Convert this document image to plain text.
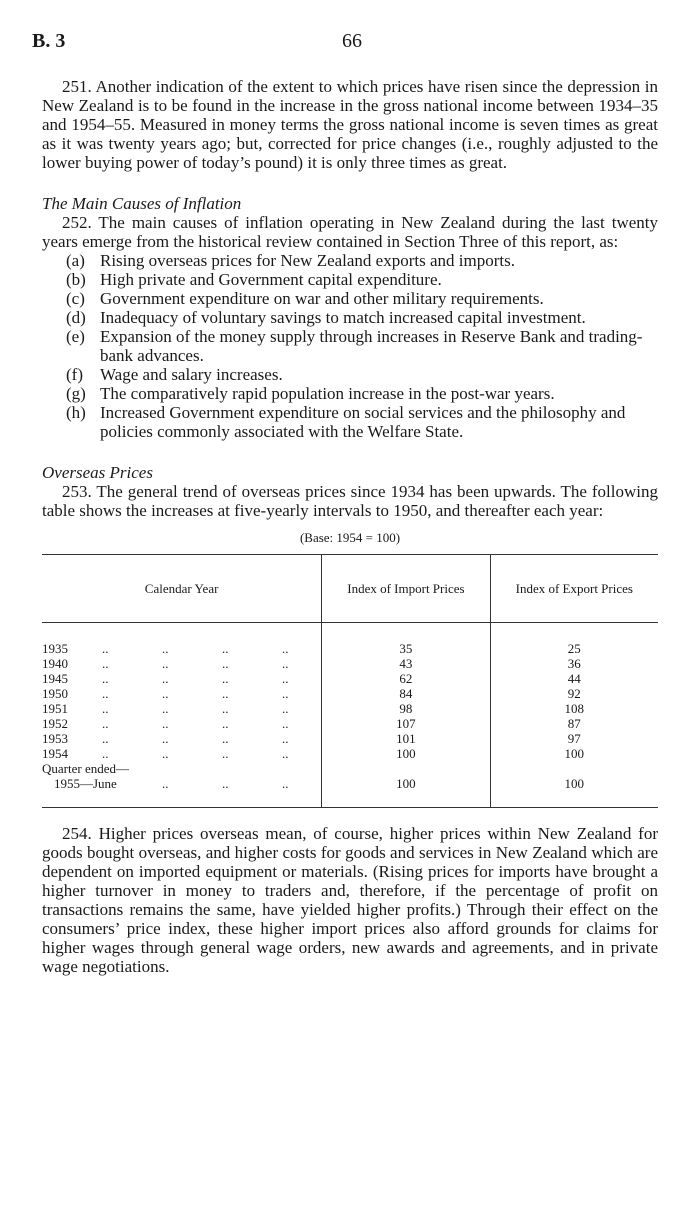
B. 3	66

251. Another indication of the extent to which prices have risen since the depression in New Zealand is to be found in the increase in the gross national income between 1934–35 and 1954–55. Measured in money terms the gross national income is seven times as great as it was twenty years ago; but, corrected for price changes (i.e., roughly adjusted to the lower buying power of today’s pound) it is only three times as great.

The Main Causes of Inflation

252. The main causes of inflation operating in New Zealand during the last twenty years emerge from the historical review contained in Section Three of this report, as:

(a) Rising overseas prices for New Zealand exports and imports.
(b) High private and Government capital expenditure.
(c) Government expenditure on war and other military requirements.
(d) Inadequacy of voluntary savings to match increased capital investment.
(e) Expansion of the money supply through increases in Reserve Bank and trading-bank advances.
(f) Wage and salary increases.
(g) The comparatively rapid population increase in the post-war years.
(h) Increased Government expenditure on social services and the philosophy and policies commonly associated with the Welfare State.

Overseas Prices

253. The general trend of overseas prices since 1934 has been upwards. The following table shows the increases at five-yearly intervals to 1950, and thereafter each year:

(Base: 1954 = 100)
Calendar Year	Index of Import Prices	Index of Export Prices
1935 .. .. .. ..	35	25
1940 .. .. .. ..	43	36
1945 .. .. .. ..	62	44
1950 .. .. .. ..	84	92
1951 .. .. .. ..	98	108
1952 .. .. .. ..	107	87
1953 .. .. .. ..	101	97
1954 .. .. .. ..	100	100
Quarter ended—		
1955—June .. .. ..	100	100

254. Higher prices overseas mean, of course, higher prices within New Zealand for goods bought overseas, and higher costs for goods and services in New Zealand which are dependent on imported equipment or materials. (Rising prices for imports have brought a higher turnover in money to traders and, therefore, if the percentage of profit on transactions remains the same, have yielded higher profits.) Through their effect on the consumers’ price index, these higher import prices also afford grounds for claims for higher wages through general wage orders, new awards and agreements, and in private wage negotiations.
